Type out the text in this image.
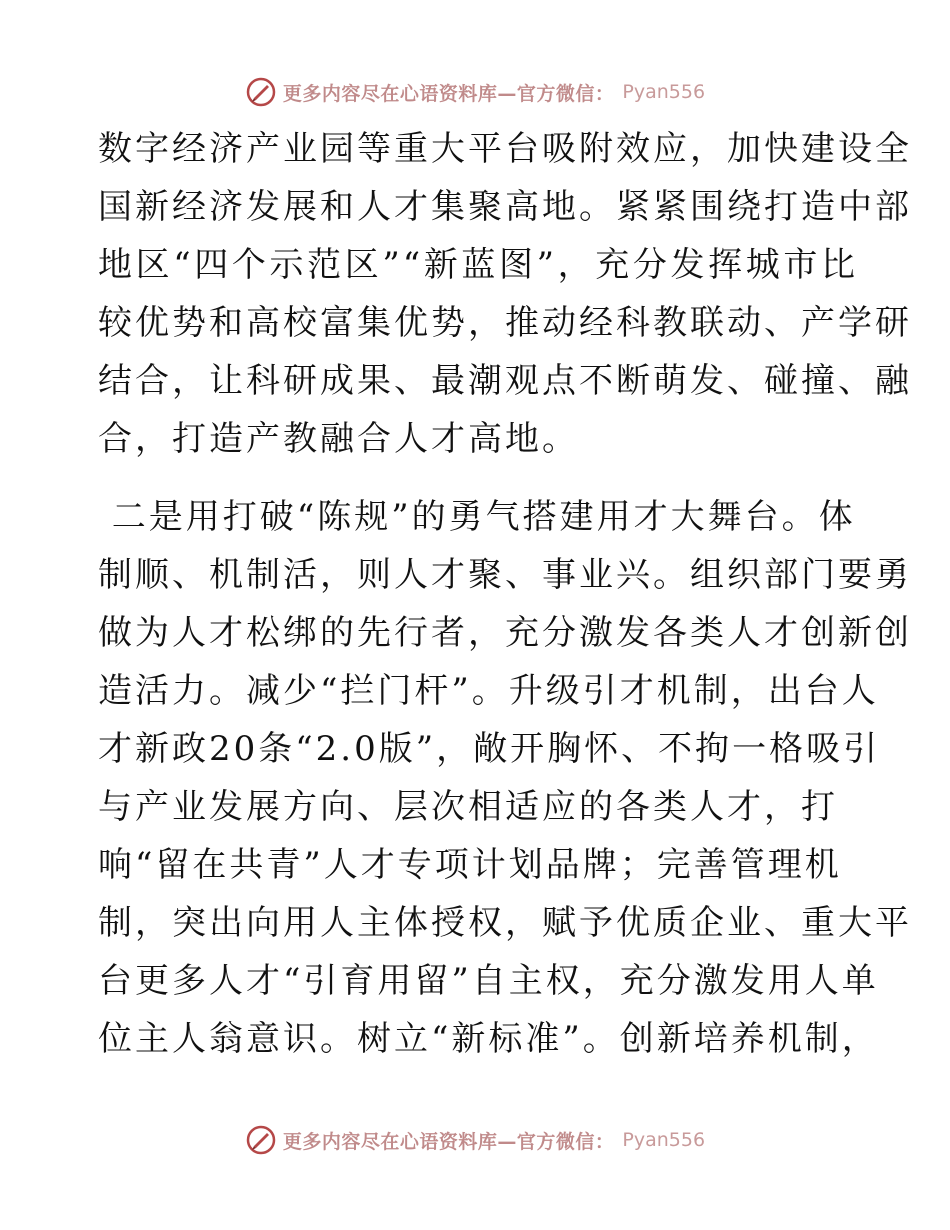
更多内容尽在心语资料库—官方微信： Pyan556
数字经济产业园等重大平台吸附效应，加快建设全
国新经济发展和人才集聚高地。紧紧围绕打造中部
地区“四个示范区”“新蓝图”，充分发挥城市比
较优势和高校富集优势，推动经科教联动、产学研
结合，让科研成果、最潮观点不断萌发、碰撞、融
合，打造产教融合人才高地。
二是用打破“陈规”的勇气搭建用才大舞台。体
制顺、机制活，则人才聚、事业兴。组织部门要勇
做为人才松绑的先行者，充分激发各类人才创新创
造活力。减少“拦门杆”。升级引才机制，出台人
才新政20条“2.0版”，敞开胸怀、不拘一格吸引
与产业发展方向、层次相适应的各类人才，打
响“留在共青”人才专项计划品牌；完善管理机
制，突出向用人主体授权，赋予优质企业、重大平
台更多人才“引育用留”自主权，充分激发用人单
位主人翁意识。树立“新标准”。创新培养机制，
更多内容尽在心语资料库—官方微信： Pyan556
